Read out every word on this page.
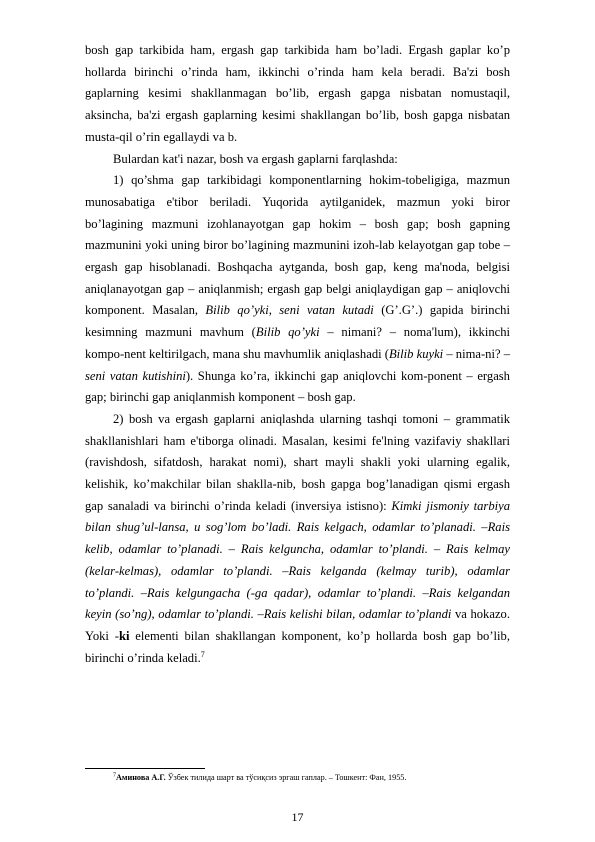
bosh gap tarkibida ham, ergash gap tarkibida ham bo’ladi. Ergash gaplar ko’p hollarda birinchi o’rinda ham, ikkinchi o’rinda ham kela beradi. Ba'zi bosh gaplarning kesimi shakllanmagan bo’lib, ergash gapga nisbatan nomustaqil, aksincha, ba'zi ergash gaplarning kesimi shakllangan bo’lib, bosh gapga nisbatan musta-qil o’rin egallaydi va b.

Bulardan kat'i nazar, bosh va ergash gaplarni farqlashda:

1) qo’shma gap tarkibidagi komponentlarning hokim-tobeligiga, mazmun munosabatiga e'tibor beriladi. Yuqorida aytilganidek, mazmun yoki biror bo’lagining mazmuni izohlanayotgan gap hokim – bosh gap; bosh gapning mazmunini yoki uning biror bo’lagining mazmunini izoh-lab kelayotgan gap tobe – ergash gap hisoblanadi. Boshqacha aytganda, bosh gap, keng ma'noda, belgisi aniqlanayotgan gap – aniqlanmish; ergash gap belgi aniqlaydigan gap – aniqlovchi komponent. Masalan, Bilib qo’yki, seni vatan kutadi (G’.G’.) gapida birinchi kesimning mazmuni mavhum (Bilib qo’yki – nimani? – noma'lum), ikkinchi kompo-nent keltirilgach, mana shu mavhumlik aniqlashadi (Bilib kuyki – nima-ni? – seni vatan kutishini). Shunga ko’ra, ikkinchi gap aniqlovchi kom-ponent – ergash gap; birinchi gap aniqlanmish komponent – bosh gap.

2) bosh va ergash gaplarni aniqlashda ularning tashqi tomoni – grammatik shakllanishlari ham e'tiborga olinadi. Masalan, kesimi fe'lning vazifaviy shakllari (ravishdosh, sifatdosh, harakat nomi), shart mayli shakli yoki ularning egalik, kelishik, ko’makchilar bilan shaklla-nib, bosh gapga bog’lanadigan qismi ergash gap sanaladi va birinchi o’rinda keladi (inversiya istisno): Kimki jismoniy tarbiya bilan shug’ul-lansa, u sog’lom bo’ladi. Rais kelgach, odamlar to’planadi. –Rais kelib, odamlar to’planadi. – Rais kelguncha, odamlar to’plandi. – Rais kelmay (kelar-kelmas), odamlar to’plandi. –Rais kelganda (kelmay turib), odamlar to’plandi. –Rais kelgungacha (-ga qadar), odamlar to’plandi. –Rais kelgandan keyin (so’ng), odamlar to’plandi. –Rais kelishi bilan, odamlar to’plandi va hokazo. Yoki -ki elementi bilan shakllangan komponent, ko’p hollarda bosh gap bo’lib, birinchi o’rinda keladi.$^7$

$^7$Аминова А.Г. Ўзбек тилида шарт ва тўсиқсиз эргаш гаплар. – Тошкент: Фан, 1955.
17
